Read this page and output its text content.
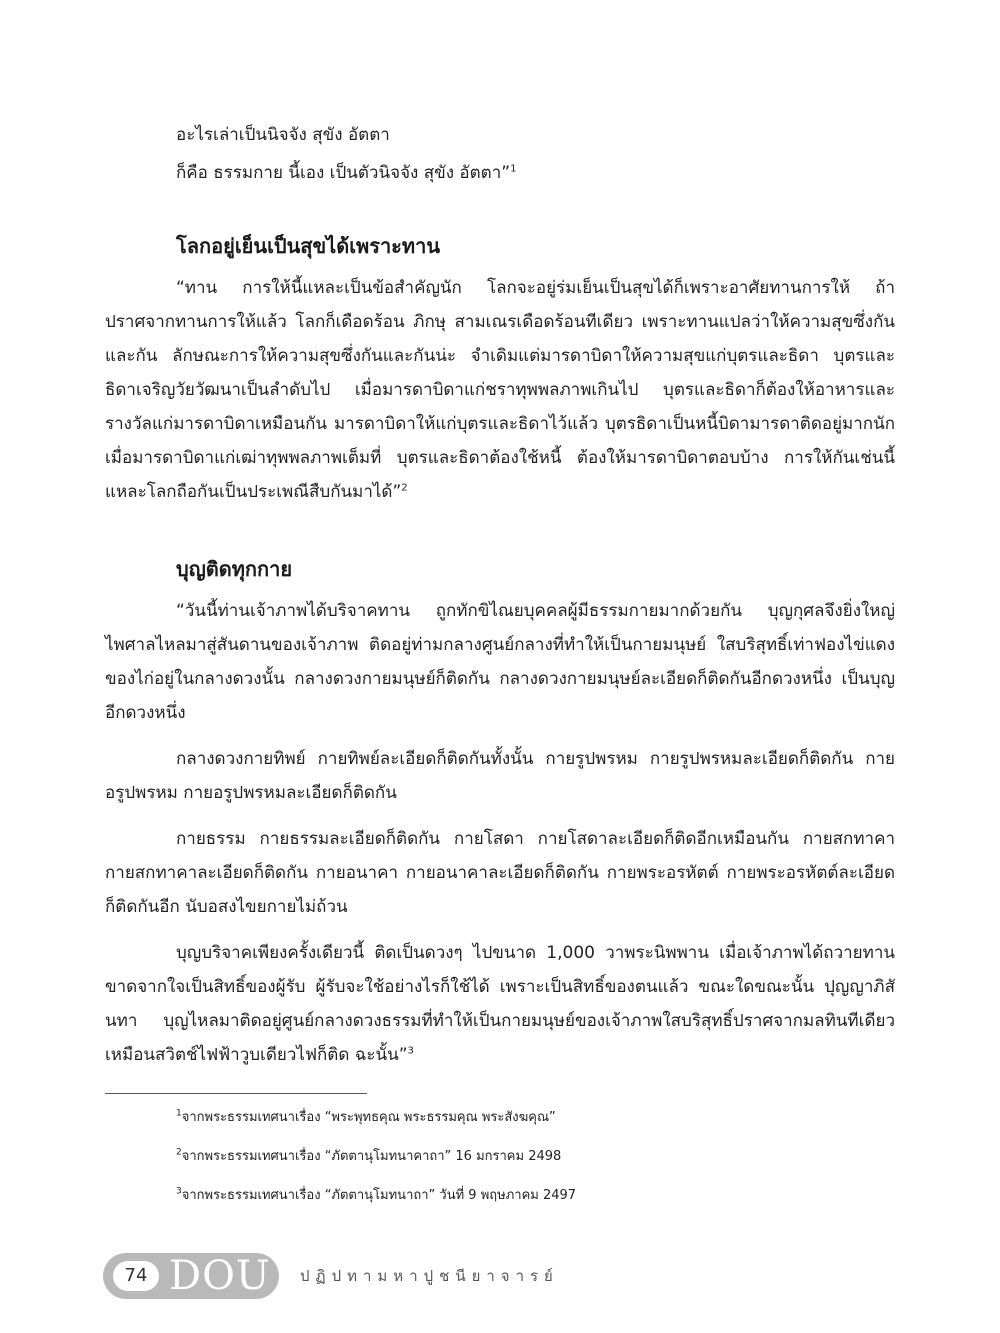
อะไรเล่าเป็นนิจจัง สุขัง อัตตา
ก็คือ ธรรมกาย นี้เอง เป็นตัวนิจจัง สุขัง อัตตา”$^1$
โลกอยู่เย็นเป็นสุขได้เพราะทาน

“ทาน การให้นี้แหละเป็นข้อสำคัญนัก โลกจะอยู่ร่มเย็นเป็นสุขได้ก็เพราะอาศัยทานการให้ ถ้าปราศจากทานการให้แล้ว โลกก็เดือดร้อน ภิกษุ สามเณรเดือดร้อนทีเดียว เพราะทานแปลว่าให้ความสุขซึ่งกันและกัน ลักษณะการให้ความสุขซึ่งกันและกันน่ะ จำเดิมแต่มารดาบิดาให้ความสุขแก่บุตรและธิดา บุตรและธิดาเจริญวัยวัฒนาเป็นลำดับไป เมื่อมารดาบิดาแก่ชราทุพพลภาพเกินไป บุตรและธิดาก็ต้องให้อาหารและรางวัลแก่มารดาบิดาเหมือนกัน มารดาบิดาให้แก่บุตรและธิดาไว้แล้ว บุตรธิดาเป็นหนี้บิดามารดาติดอยู่มากนัก เมื่อมารดาบิดาแก่เฒ่าทุพพลภาพเต็มที่ บุตรและธิดาต้องใช้หนี้ ต้องให้มารดาบิดาตอบบ้าง การให้กันเช่นนี้แหละโลกถือกันเป็นประเพณีสืบกันมาได้”$^2$

บุญติดทุกกาย

“วันนี้ท่านเจ้าภาพได้บริจาคทาน ถูกทักขิไณยบุคคลผู้มีธรรมกายมากด้วยกัน บุญกุศลจึงยิ่งใหญ่ไพศาลไหลมาสู่สันดานของเจ้าภาพ ติดอยู่ท่ามกลางศูนย์กลางที่ทำให้เป็นกายมนุษย์ ใสบริสุทธิ์เท่าฟองไข่แดงของไก่อยู่ในกลางดวงนั้น กลางดวงกายมนุษย์ก็ติดกัน กลางดวงกายมนุษย์ละเอียดก็ติดกันอีกดวงหนึ่ง เป็นบุญอีกดวงหนึ่ง

กลางดวงกายทิพย์ กายทิพย์ละเอียดก็ติดกันทั้งนั้น กายรูปพรหม กายรูปพรหมละเอียดก็ติดกัน กายอรูปพรหม กายอรูปพรหมละเอียดก็ติดกัน

กายธรรม กายธรรมละเอียดก็ติดกัน กายโสดา กายโสดาละเอียดก็ติดอีกเหมือนกัน กายสกทาคา กายสกทาคาละเอียดก็ติดกัน กายอนาคา กายอนาคาละเอียดก็ติดกัน กายพระอรหัตต์ กายพระอรหัตต์ละเอียดก็ติดกันอีก นับอสงไขยกายไม่ถ้วน

บุญบริจาคเพียงครั้งเดียวนี้ ติดเป็นดวงๆ ไปขนาด 1,000 วาพระนิพพาน เมื่อเจ้าภาพได้ถวายทานขาดจากใจเป็นสิทธิ์ของผู้รับ ผู้รับจะใช้อย่างไรก็ใช้ได้ เพราะเป็นสิทธิ์ของตนแล้ว ขณะใดขณะนั้น ปุญญาภิสันทา บุญไหลมาติดอยู่ศูนย์กลางดวงธรรมที่ทำให้เป็นกายมนุษย์ของเจ้าภาพใสบริสุทธิ์ปราศจากมลทินทีเดียว เหมือนสวิตช์ไฟฟ้าวูบเดียวไฟก็ติด ฉะนั้น”$^3$

$^1$จากพระธรรมเทศนาเรื่อง “พระพุทธคุณ พระธรรมคุณ พระสังฆคุณ”
$^2$จากพระธรรมเทศนาเรื่อง “ภัตตานุโมทนาคาถา” 16 มกราคม 2498
$^3$จากพระธรรมเทศนาเรื่อง “ภัตตานุโมทนาถา” วันที่ 9 พฤษภาคม 2497
74 DOU ปฏิปทามหาปูชนียาจารย์
